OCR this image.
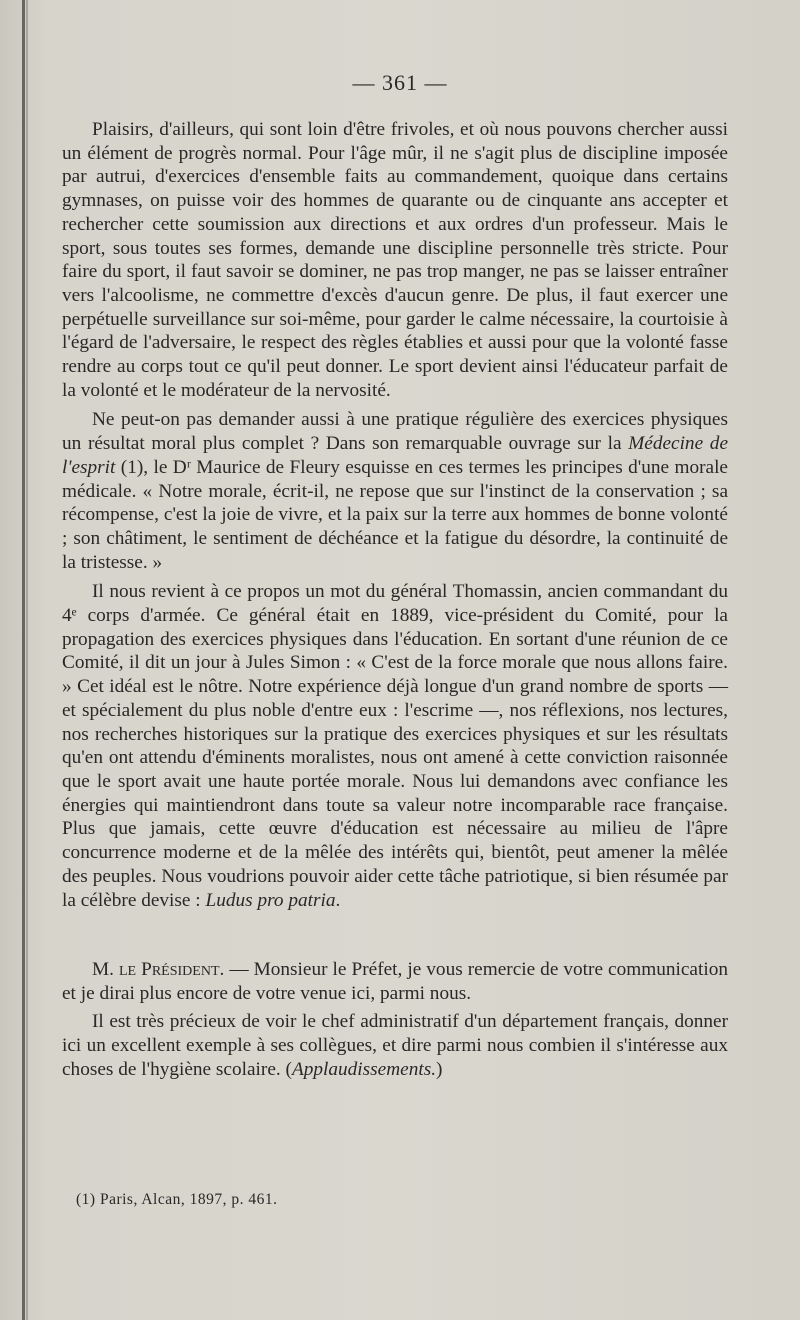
— 361 —

Plaisirs, d'ailleurs, qui sont loin d'être frivoles, et où nous pouvons chercher aussi un élément de progrès normal. Pour l'âge mûr, il ne s'agit plus de discipline imposée par autrui, d'exercices d'ensemble faits au commandement, quoique dans certains gymnases, on puisse voir des hommes de quarante ou de cinquante ans accepter et rechercher cette soumission aux directions et aux ordres d'un professeur. Mais le sport, sous toutes ses formes, demande une discipline personnelle très stricte. Pour faire du sport, il faut savoir se dominer, ne pas trop manger, ne pas se laisser entraîner vers l'alcoolisme, ne commettre d'excès d'aucun genre. De plus, il faut exercer une perpétuelle surveillance sur soi-même, pour garder le calme nécessaire, la courtoisie à l'égard de l'adversaire, le respect des règles établies et aussi pour que la volonté fasse rendre au corps tout ce qu'il peut donner. Le sport devient ainsi l'éducateur parfait de la volonté et le modérateur de la nervosité.

Ne peut-on pas demander aussi à une pratique régulière des exercices physiques un résultat moral plus complet ? Dans son remarquable ouvrage sur la Médecine de l'esprit (1), le Dʳ Maurice de Fleury esquisse en ces termes les principes d'une morale médicale. « Notre morale, écrit-il, ne repose que sur l'instinct de la conservation ; sa récompense, c'est la joie de vivre, et la paix sur la terre aux hommes de bonne volonté ; son châtiment, le sentiment de déchéance et la fatigue du désordre, la continuité de la tristesse. »

Il nous revient à ce propos un mot du général Thomassin, ancien commandant du 4ᵉ corps d'armée. Ce général était en 1889, vice-président du Comité, pour la propagation des exercices physiques dans l'éducation. En sortant d'une réunion de ce Comité, il dit un jour à Jules Simon : « C'est de la force morale que nous allons faire. » Cet idéal est le nôtre. Notre expérience déjà longue d'un grand nombre de sports — et spécialement du plus noble d'entre eux : l'escrime —, nos réflexions, nos lectures, nos recherches historiques sur la pratique des exercices physiques et sur les résultats qu'en ont attendu d'éminents moralistes, nous ont amené à cette conviction raisonnée que le sport avait une haute portée morale. Nous lui demandons avec confiance les énergies qui maintiendront dans toute sa valeur notre incomparable race française. Plus que jamais, cette œuvre d'éducation est nécessaire au milieu de l'âpre concurrence moderne et de la mêlée des intérêts qui, bientôt, peut amener la mêlée des peuples. Nous voudrions pouvoir aider cette tâche patriotique, si bien résumée par la célèbre devise : Ludus pro patria.

M. le Président. — Monsieur le Préfet, je vous remercie de votre communication et je dirai plus encore de votre venue ici, parmi nous.

Il est très précieux de voir le chef administratif d'un département français, donner ici un excellent exemple à ses collègues, et dire parmi nous combien il s'intéresse aux choses de l'hygiène scolaire. (Applaudissements.)

(1) Paris, Alcan, 1897, p. 461.
